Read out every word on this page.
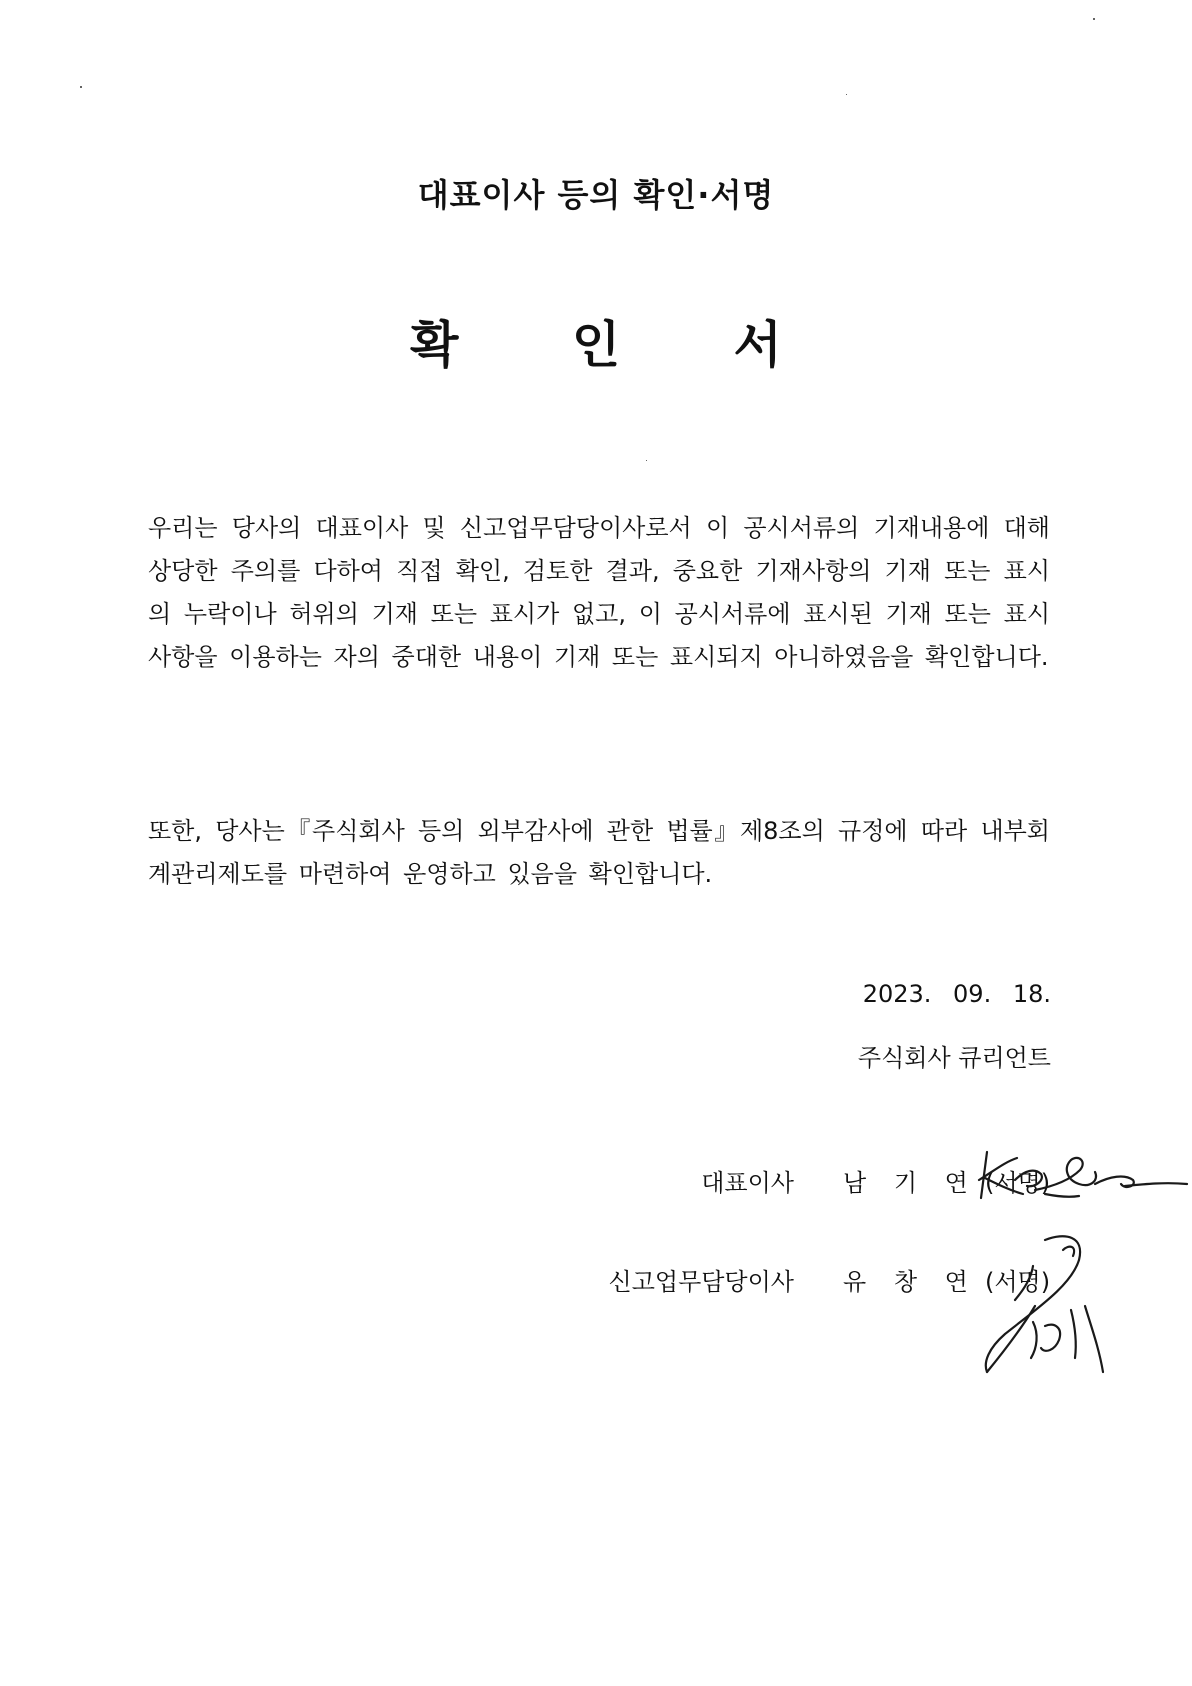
대표이사 등의 확인·서명
확 인 서
우리는 당사의 대표이사 및 신고업무담당이사로서 이 공시서류의 기재내용에 대해 상당한 주의를 다하여 직접 확인, 검토한 결과, 중요한 기재사항의 기재 또는 표시의 누락이나 허위의 기재 또는 표시가 없고, 이 공시서류에 표시된 기재 또는 표시사항을 이용하는 자의 중대한 내용이 기재 또는 표시되지 아니하였음을 확인합니다.
또한, 당사는『주식회사 등의 외부감사에 관한 법률』제8조의 규정에 따라 내부회계관리제도를 마련하여 운영하고 있음을 확인합니다.
2023. 09. 18.
주식회사 큐리언트
대표이사 남 기 연 (서명)
신고업무담당이사 유 창 연 (서명)
